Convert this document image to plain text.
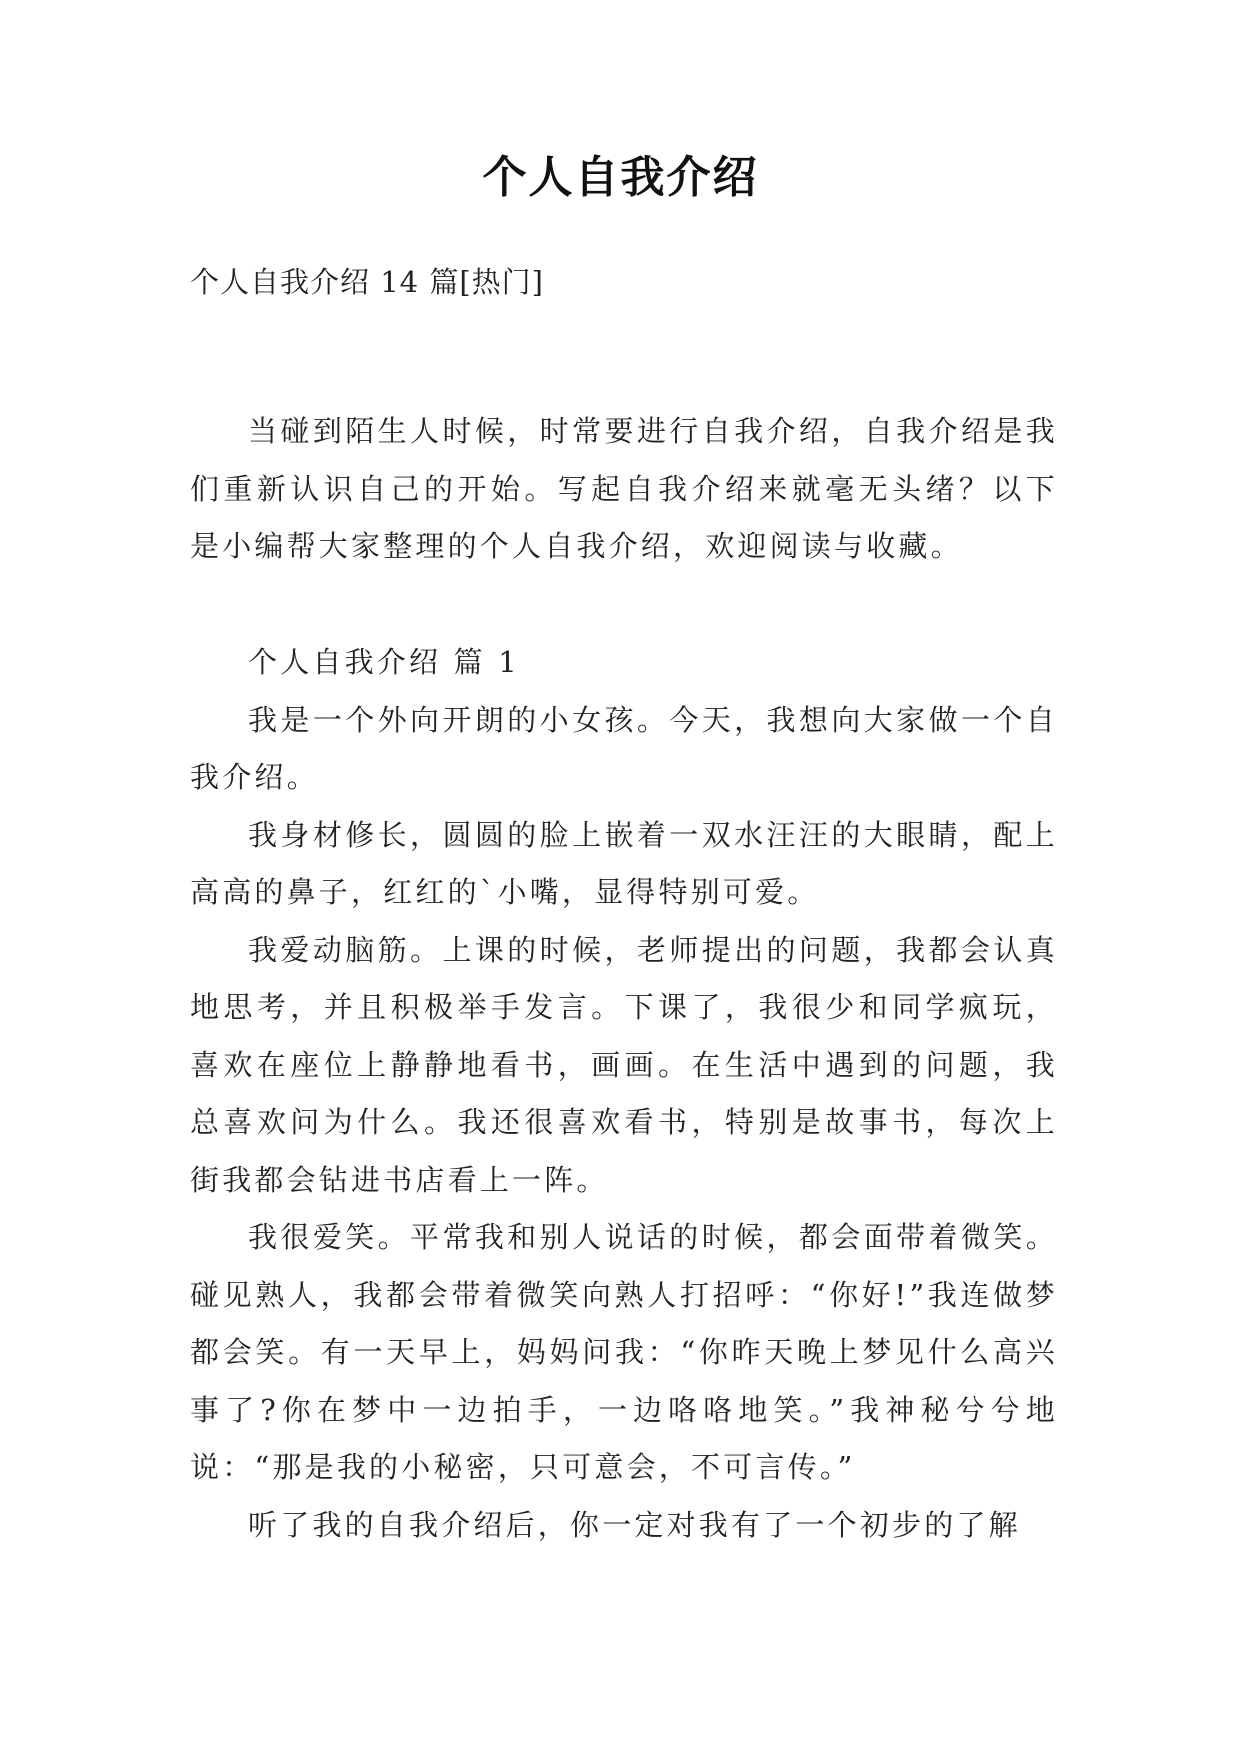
个人自我介绍
个人自我介绍 14 篇[热门]

当碰到陌生人时候，时常要进行自我介绍，自我介绍是我们重新认识自己的开始。写起自我介绍来就毫无头绪？以下是小编帮大家整理的个人自我介绍，欢迎阅读与收藏。

个人自我介绍 篇 1

我是一个外向开朗的小女孩。今天，我想向大家做一个自我介绍。

我身材修长，圆圆的脸上嵌着一双水汪汪的大眼睛，配上高高的鼻子，红红的`小嘴，显得特别可爱。

我爱动脑筋。上课的时候，老师提出的问题，我都会认真地思考，并且积极举手发言。下课了，我很少和同学疯玩，喜欢在座位上静静地看书，画画。在生活中遇到的问题，我总喜欢问为什么。我还很喜欢看书，特别是故事书，每次上街我都会钻进书店看上一阵。

我很爱笑。平常我和别人说话的时候，都会面带着微笑。碰见熟人，我都会带着微笑向熟人打招呼：“你好!”我连做梦都会笑。有一天早上，妈妈问我：“你昨天晚上梦见什么高兴事了?你在梦中一边拍手，一边咯咯地笑。”我神秘兮兮地说：“那是我的小秘密，只可意会，不可言传。”

听了我的自我介绍后，你一定对我有了一个初步的了解
